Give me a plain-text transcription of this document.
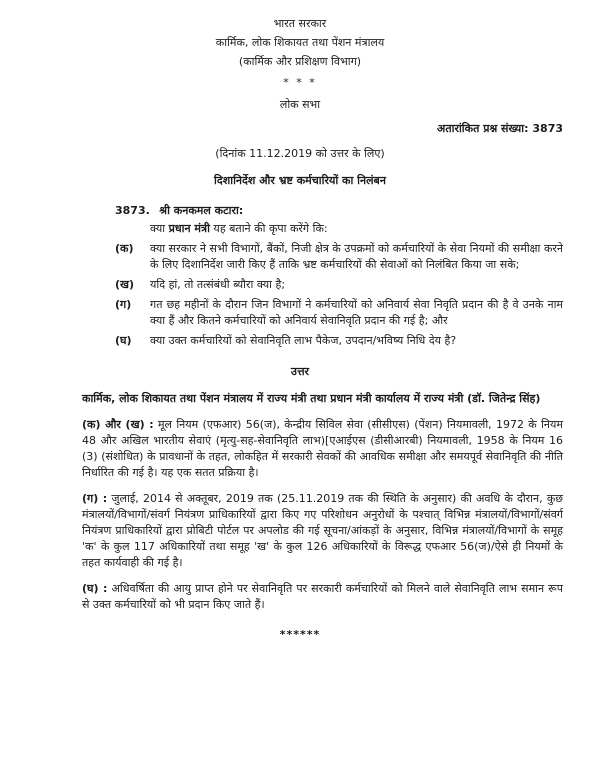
भारत सरकार
कार्मिक, लोक शिकायत तथा पेंशन मंत्रालय
(कार्मिक और प्रशिक्षण विभाग)
* * *
लोक सभा
अतारांकित प्रश्न संख्या: 3873
(दिनांक 11.12.2019 को उत्तर के लिए)
दिशानिर्देश और भ्रष्ट कर्मचारियों का निलंबन

3873. श्री कनकमल कटारा:

क्या प्रधान मंत्री यह बताने की कृपा करेंगे कि:

(क)	क्या सरकार ने सभी विभागों, बैंकों, निजी क्षेत्र के उपक्रमों को कर्मचारियों के सेवा नियमों की समीक्षा करने के लिए दिशानिर्देश जारी किए हैं ताकि भ्रष्ट कर्मचारियों की सेवाओं को निलंबित किया जा सके;
(ख)	यदि हां, तो तत्संबंधी ब्यौरा क्या है;
(ग)	गत छह महीनों के दौरान जिन विभागों ने कर्मचारियों को अनिवार्य सेवा निवृति प्रदान की है वे उनके नाम क्या हैं और कितने कर्मचारियों को अनिवार्य सेवानिवृति प्रदान की गई है; और
(घ)	क्या उक्त कर्मचारियों को सेवानिवृति लाभ पैकेज, उपदान/भविष्य निधि देय है?
उत्तर

कार्मिक, लोक शिकायत तथा पेंशन मंत्रालय में राज्य मंत्री तथा प्रधान मंत्री कार्यालय में राज्य मंत्री (डॉ. जितेन्द्र सिंह)

(क) और (ख) : मूल नियम (एफआर) 56(ज), केन्द्रीय सिविल सेवा (सीसीएस) (पेंशन) नियमावली, 1972 के नियम 48 और अखिल भारतीय सेवाएं (मृत्यु-सह-सेवानिवृति लाभ)[एआईएस (डीसीआरबी) नियमावली, 1958 के नियम 16 (3) (संशोधित) के प्रावधानों के तहत, लोकहित में सरकारी सेवकों की आवधिक समीक्षा और समयपूर्व सेवानिवृति की नीति निर्धारित की गई है। यह एक सतत प्रक्रिया है।

(ग) : जुलाई, 2014 से अक्तूबर, 2019 तक (25.11.2019 तक की स्थिति के अनुसार) की अवधि के दौरान, कुछ मंत्रालयों/विभागों/संवर्ग नियंत्रण प्राधिकारियों द्वारा किए गए परिशोधन अनुरोधों के पश्चात् विभिन्न मंत्रालयों/विभागों/संवर्ग नियंत्रण प्राधिकारियों द्वारा प्रोबिटी पोर्टल पर अपलोड की गई सूचना/आंकड़ों के अनुसार, विभिन्न मंत्रालयों/विभागों के समूह 'क' के कुल 117 अधिकारियों तथा समूह 'ख' के कुल 126 अधिकारियों के विरूद्ध एफआर 56(ज)/ऐसे ही नियमों के तहत कार्यवाही की गई है।

(घ) : अधिवर्षिता की आयु प्राप्त होने पर सेवानिवृति पर सरकारी कर्मचारियों को मिलने वाले सेवानिवृति लाभ समान रूप से उक्त कर्मचारियों को भी प्रदान किए जाते हैं।

******
